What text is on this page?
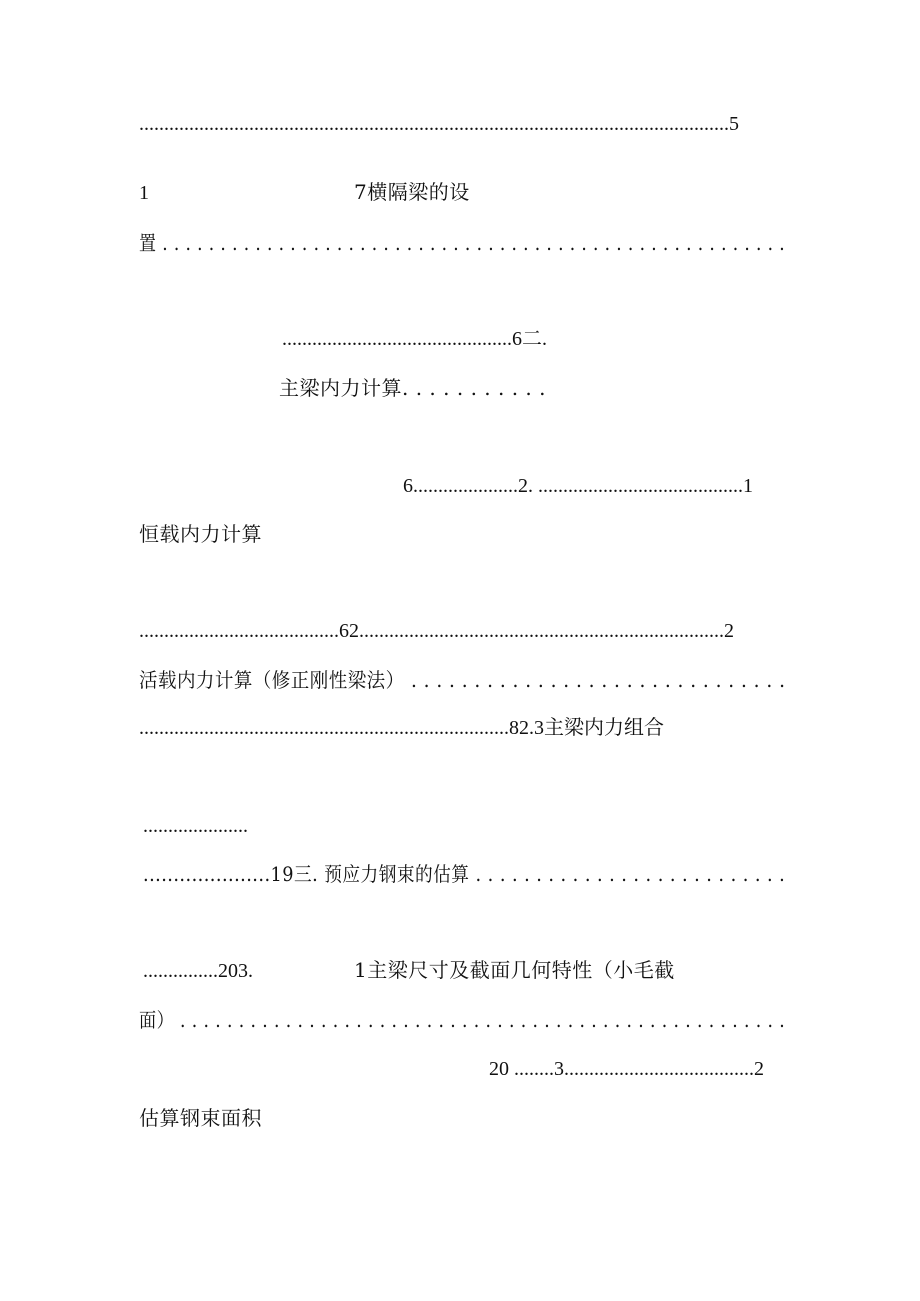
......................................................................................................................5
1	7横隔梁的设
置 . . . . . . . . . . . . . . . . . . . . . . . . . . . . . . . . . . . . . . . . . . . . . . . . . . . . . .
..............................................6二.
主梁内力计算. . . . . . . . . . .
6.....................2. .........................................1
恒载内力计算
........................................62.........................................................................2
活载内力计算（修正刚性梁法） . . . . . . . . . . . . . . . . . . . . . . . . . . . . . .
..........................................................................82.3主梁内力组合
.....................
.....................19三. 预应力钢束的估算 . . . . . . . . . . . . . . . . . . . . . . . . . .
...............203.	1主梁尺寸及截面几何特性（小毛截
面） . . . . . . . . . . . . . . . . . . . . . . . . . . . . . . . . . . . . . . . . . . . . . . . . . . . .
20 ........3......................................2
估算钢束面积
